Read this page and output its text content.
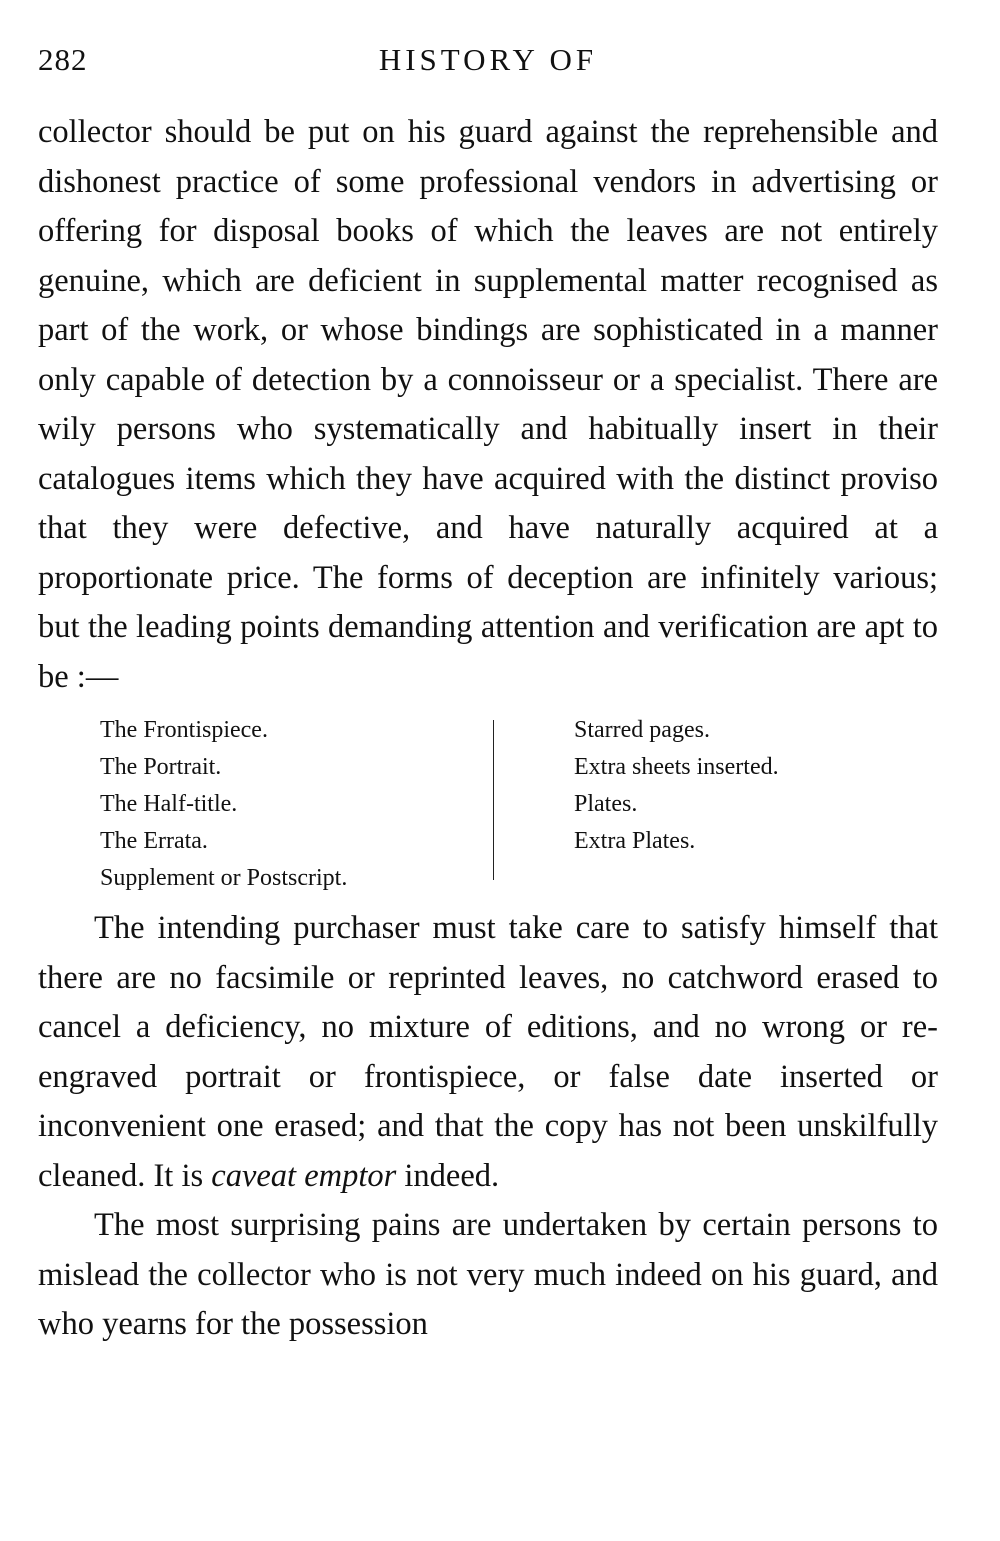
282	HISTORY OF

collector should be put on his guard against the reprehensible and dishonest practice of some professional vendors in advertising or offering for disposal books of which the leaves are not entirely genuine, which are deficient in supplemental matter recognised as part of the work, or whose bindings are sophisticated in a manner only capable of detection by a connoisseur or a specialist. There are wily persons who systematically and habitually insert in their catalogues items which they have acquired with the distinct proviso that they were defective, and have naturally acquired at a proportionate price. The forms of deception are infinitely various; but the leading points demanding attention and verification are apt to be :—

The Frontispiece.
The Portrait.
The Half-title.
The Errata.
Supplement or Postscript.
Starred pages.
Extra sheets inserted.
Plates.
Extra Plates.

The intending purchaser must take care to satisfy himself that there are no facsimile or reprinted leaves, no catchword erased to cancel a deficiency, no mixture of editions, and no wrong or re-engraved portrait or frontispiece, or false date inserted or inconvenient one erased; and that the copy has not been unskilfully cleaned. It is caveat emptor indeed.

The most surprising pains are undertaken by certain persons to mislead the collector who is not very much indeed on his guard, and who yearns for the possession
